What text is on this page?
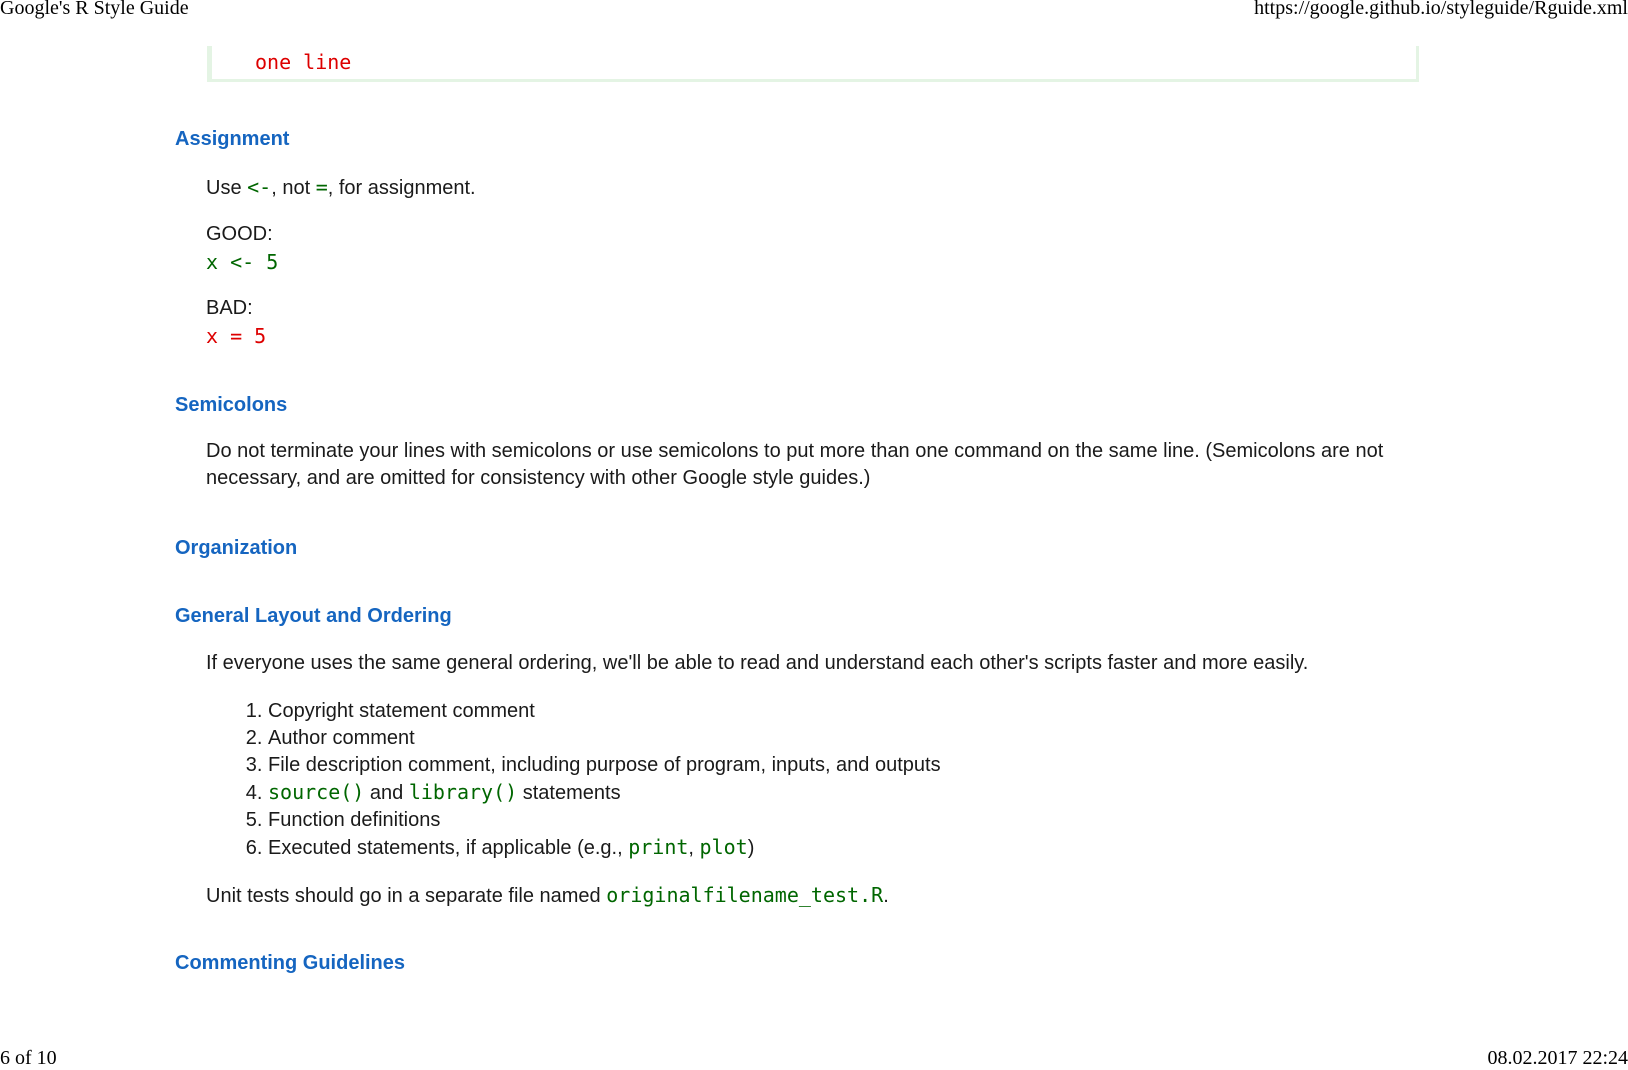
Google's R Style Guide	https://google.github.io/styleguide/Rguide.xml
one line
Assignment
Use <-, not =, for assignment.
GOOD:
x <- 5
BAD:
x = 5
Semicolons
Do not terminate your lines with semicolons or use semicolons to put more than one command on the same line. (Semicolons are not necessary, and are omitted for consistency with other Google style guides.)
Organization
General Layout and Ordering
If everyone uses the same general ordering, we'll be able to read and understand each other's scripts faster and more easily.
1. Copyright statement comment
2. Author comment
3. File description comment, including purpose of program, inputs, and outputs
4. source() and library() statements
5. Function definitions
6. Executed statements, if applicable (e.g., print, plot)
Unit tests should go in a separate file named originalfilename_test.R.
Commenting Guidelines
6 of 10	08.02.2017 22:24
